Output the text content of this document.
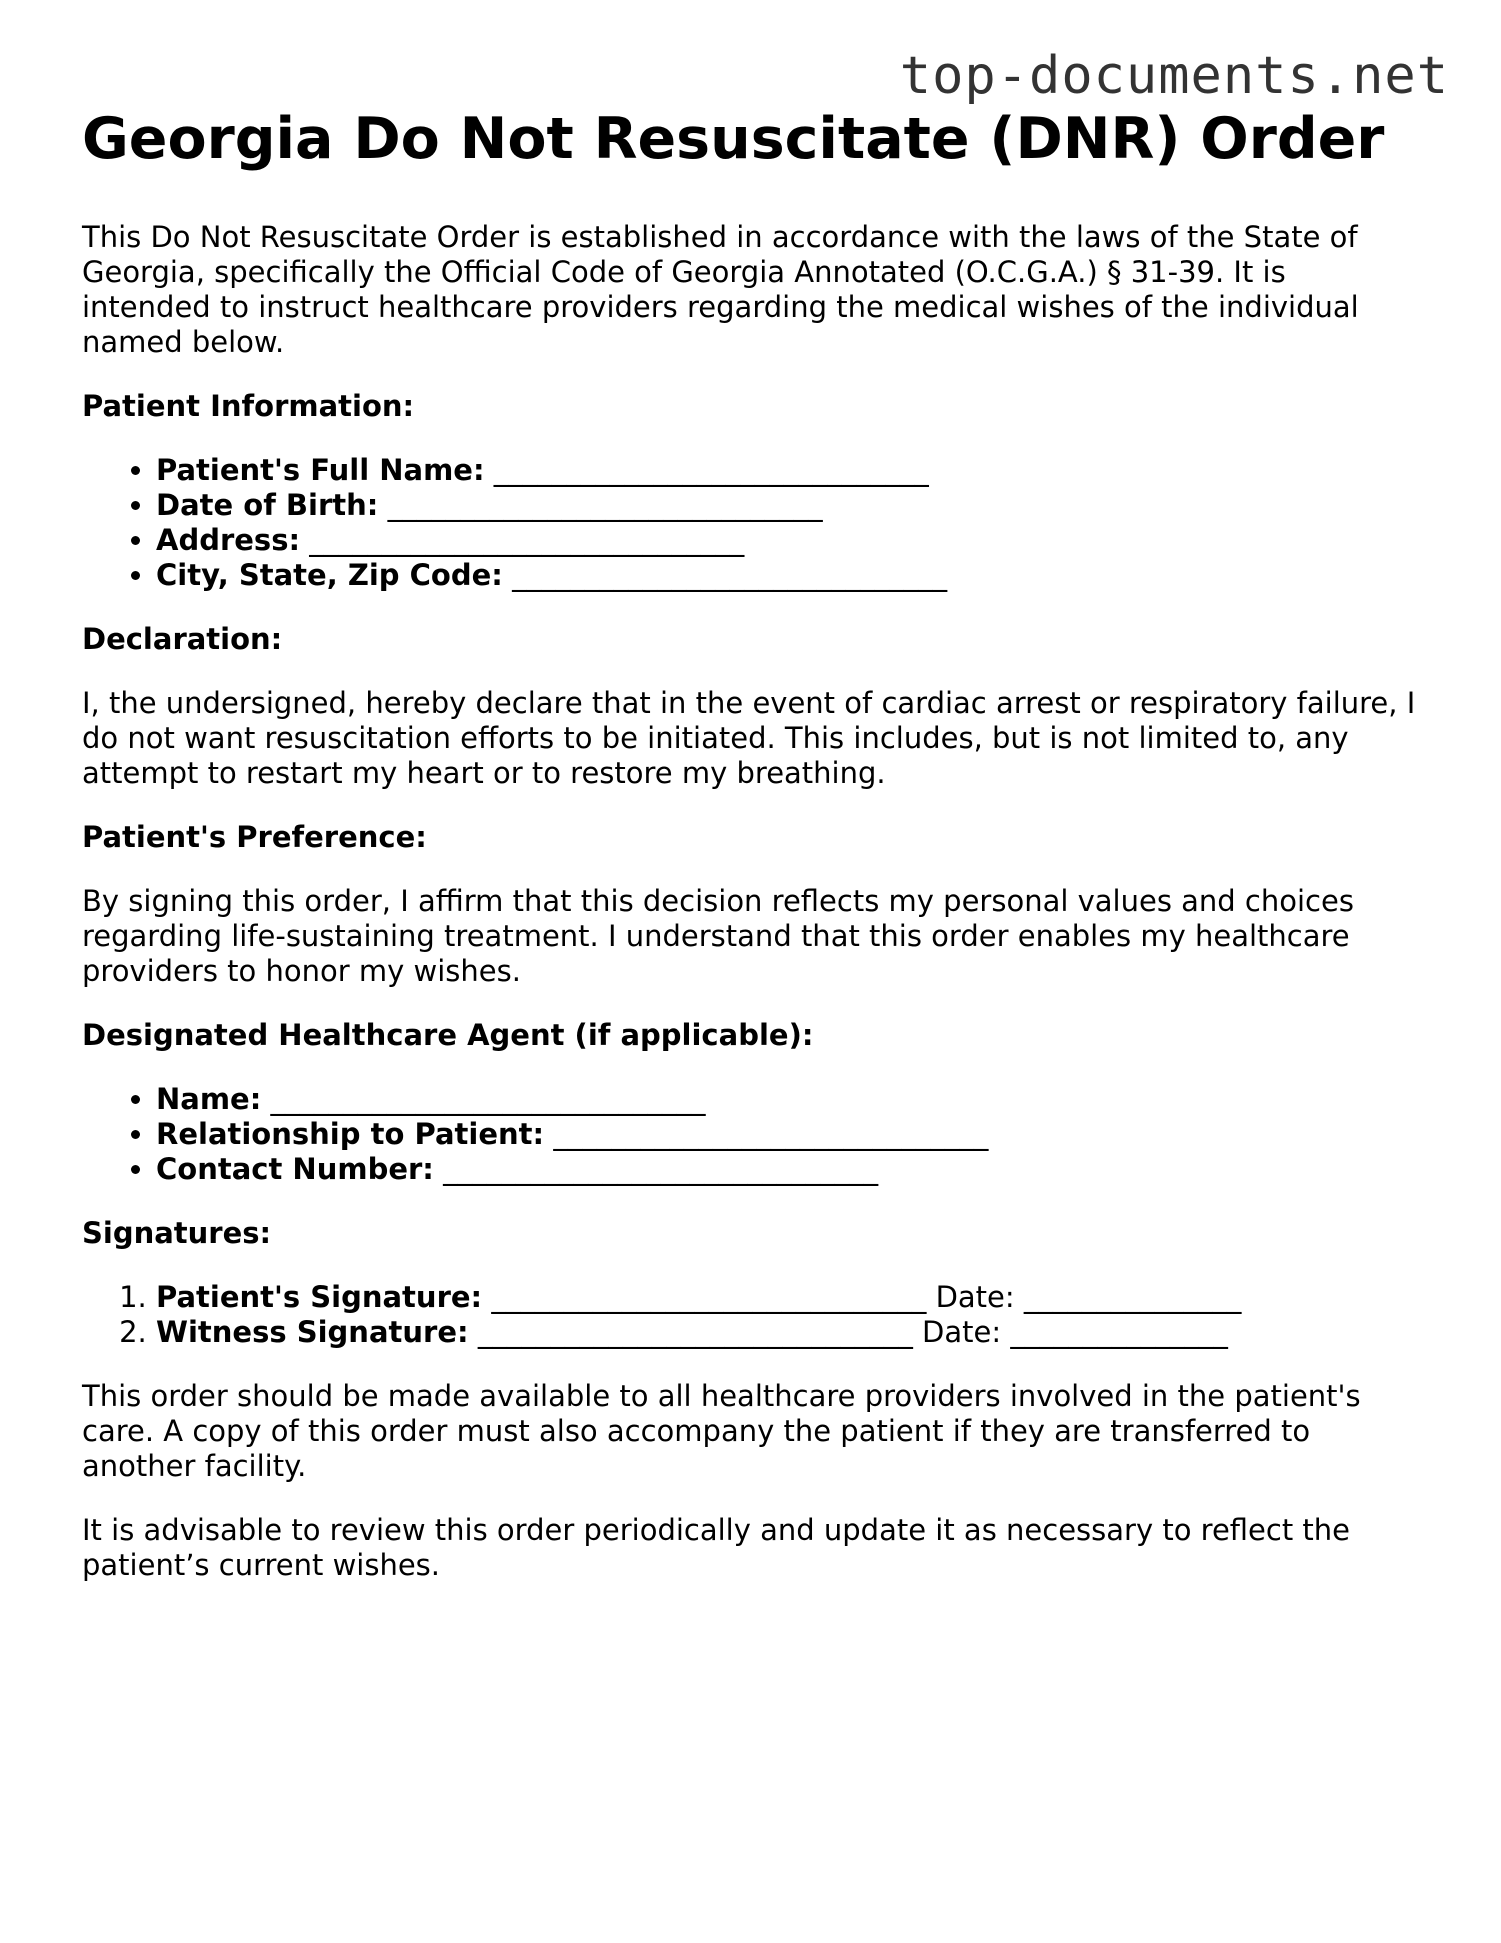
top-documents.net
Georgia Do Not Resuscitate (DNR) Order

This Do Not Resuscitate Order is established in accordance with the laws of the State of Georgia, specifically the Official Code of Georgia Annotated (O.C.G.A.) § 31-39. It is intended to instruct healthcare providers regarding the medical wishes of the individual named below.

Patient Information:
• Patient's Full Name: ______________________________
• Date of Birth: ______________________________
• Address: ______________________________
• City, State, Zip Code: ______________________________
Declaration:

I, the undersigned, hereby declare that in the event of cardiac arrest or respiratory failure, I do not want resuscitation efforts to be initiated. This includes, but is not limited to, any attempt to restart my heart or to restore my breathing.

Patient's Preference:

By signing this order, I affirm that this decision reflects my personal values and choices regarding life-sustaining treatment. I understand that this order enables my healthcare providers to honor my wishes.

Designated Healthcare Agent (if applicable):
• Name: ______________________________
• Relationship to Patient: ______________________________
• Contact Number: ______________________________
Signatures:
1. Patient's Signature: ______________________________ Date: _______________
2. Witness Signature: ______________________________ Date: _______________

This order should be made available to all healthcare providers involved in the patient's care. A copy of this order must also accompany the patient if they are transferred to another facility.

It is advisable to review this order periodically and update it as necessary to reflect the patient’s current wishes.
